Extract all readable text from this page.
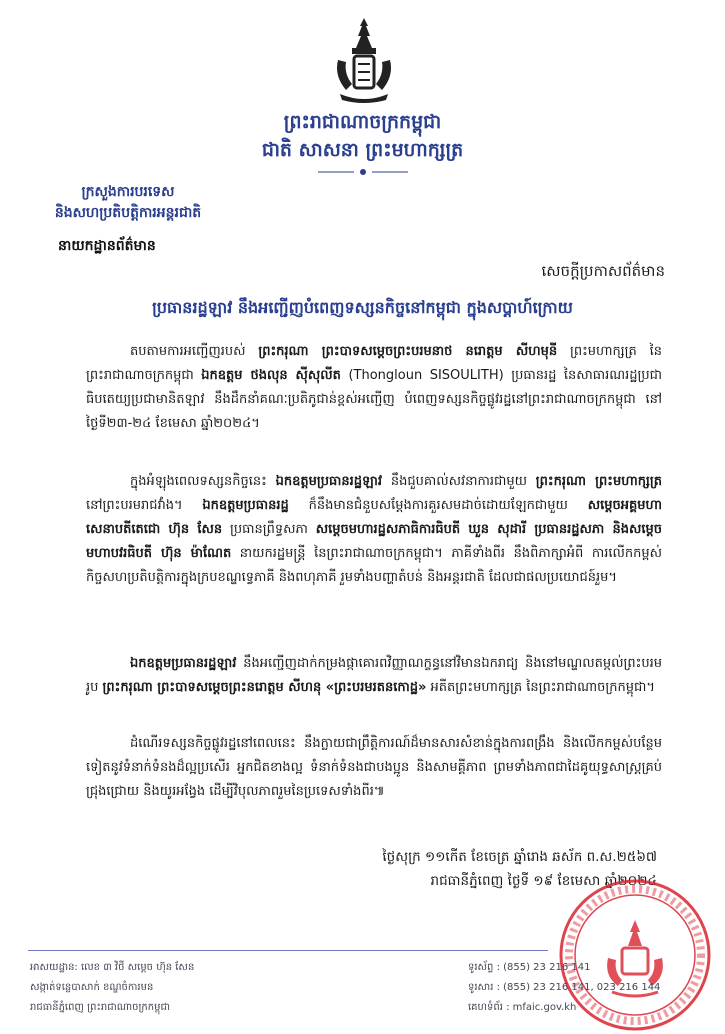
ព្រះរាជាណាចក្រកម្ពុជា
ជាតិ សាសនា ព្រះមហាក្សត្រ
ក្រសួងការបរទេស
និងសហប្រតិបត្តិការអន្តរជាតិ
នាយកដ្ឋានព័ត៌មាន
សេចក្តីប្រកាសព័ត៌មាន
ប្រធានរដ្ឋឡាវ នឹងអញ្ជើញបំពេញទស្សនកិច្ចនៅកម្ពុជា ក្នុងសប្តាហ៍ក្រោយ

តបតាមការអញ្ជើញរបស់ ព្រះករុណា ព្រះបាទសម្តេចព្រះបរមនាថ នរោត្តម សីហមុនី ព្រះមហាក្សត្រ នៃព្រះរាជាណាចក្រកម្ពុជា ឯកឧត្តម ថងលុន ស៊ីសុលីត (Thongloun SISOULITH) ប្រធានរដ្ឋ នៃសាធារណរដ្ឋប្រជាធិបតេយ្យប្រជាមានិតឡាវ នឹងដឹកនាំគណៈប្រតិភូជាន់ខ្ពស់អញ្ជើញ បំពេញទស្សនកិច្ចផ្លូវរដ្ឋនៅព្រះរាជាណាចក្រកម្ពុជា នៅថ្ងៃទី២៣-២៤ ខែមេសា ឆ្នាំ២០២៤។

ក្នុងអំឡុងពេលទស្សនកិច្ចនេះ ឯកឧត្តមប្រធានរដ្ឋឡាវ នឹងជួបគាល់សវនាការជាមួយ ព្រះករុណា ព្រះមហាក្សត្រ នៅព្រះបរមរាជវាំង។ ឯកឧត្តមប្រធានរដ្ឋ ក៏នឹងមានជំនួបសម្តែងការគួរសមដាច់ដោយឡែកជាមួយ សម្តេចអគ្គមហាសេនាបតីតេជោ ហ៊ុន សែន ប្រធានព្រឹទ្ធសភា សម្តេចមហារដ្ឋសភាធិការធិបតី ឃួន សុដារី ប្រធានរដ្ឋសភា និងសម្តេចមហាបវរធិបតី ហ៊ុន ម៉ាណែត នាយករដ្ឋមន្ត្រី នៃព្រះរាជាណាចក្រកម្ពុជា។ ភាគីទាំងពីរ នឹងពិភាក្សាអំពី ការលើកកម្ពស់កិច្ចសហប្រតិបត្តិការក្នុងក្របខណ្ឌទ្វេភាគី និងពហុភាគី រួមទាំងបញ្ហាតំបន់ និងអន្តរជាតិ ដែលជាផលប្រយោជន៍រួម។

ឯកឧត្តមប្រធានរដ្ឋឡាវ នឹងអញ្ជើញដាក់កម្រងផ្កាគោរពវិញ្ញាណក្ខន្ធនៅវិមានឯករាជ្យ និងនៅមណ្ឌលតម្កល់ព្រះបរមរូប ព្រះករុណា ព្រះបាទសម្តេចព្រះនរោត្តម សីហនុ «ព្រះបរមរតនកោដ្ឋ» អតីតព្រះមហាក្សត្រ នៃព្រះរាជាណាចក្រកម្ពុជា។

ដំណើរទស្សនកិច្ចផ្លូវរដ្ឋនៅពេលនេះ នឹងក្លាយជាព្រឹត្តិការណ៍ដ៏មានសារសំខាន់ក្នុងការពង្រឹង និងលើកកម្ពស់បន្ថែមទៀតនូវទំនាក់ទំនងដ៏ល្អប្រសើរ អ្នកជិតខាងល្អ ទំនាក់ទំនងជាបងប្អូន និងសាមគ្គីភាព ព្រមទាំងភាពជាដៃគូយុទ្ធសាស្ត្រគ្រប់ជ្រុងជ្រោយ និងយូរអង្វែង ដើម្បីវិបុលភាពរួមនៃប្រទេសទាំងពីរ៕

ថ្ងៃសុក្រ ១១កើត ខែចេត្រ ឆ្នាំរោង ឆស័ក ព.ស.២៥៦៧
រាជធានីភ្នំពេញ ថ្ងៃទី ១៩ ខែមេសា ឆ្នាំ២០២៤
អាសយដ្ឋាន: លេខ ៣ វិថី សម្តេច ហ៊ុន សែន
សង្កាត់ទន្លេបាសាក់ ខណ្ឌចំការមន
រាជធានីភ្នំពេញ ព្រះរាជាណាចក្រកម្ពុជា
ទូរស័ព្ទ : (855) 23 216 141
ទូរសារ : (855) 23 216 141, 023 216 144
គេហទំព័រ : mfaic.gov.kh
